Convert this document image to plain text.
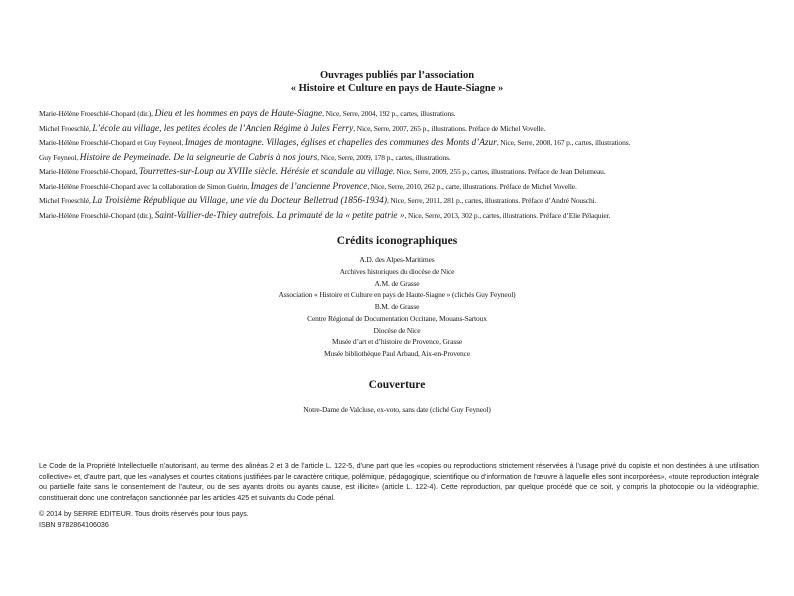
Ouvrages publiés par l’association
« Histoire et Culture en pays de Haute-Siagne »
Marie-Hélène Froeschlé-Chopard (dir.), Dieu et les hommes en pays de Haute-Siagne, Nice, Serre, 2004, 192 p., cartes, illustrations.
Michel Froeschlé, L’école au village, les petites écoles de l’Ancien Régime à Jules Ferry, Nice, Serre, 2007, 265 p., illustrations. Préface de Michel Vovelle.
Marie-Hélène Froeschlé-Chopard et Guy Feyneol, Images de montagne. Villages, églises et chapelles des communes des Monts d’Azur, Nice, Serre, 2008, 167 p., cartes, illustrations.
Guy Feyneol, Histoire de Peymeinade. De la seigneurie de Cabris à nos jours, Nice, Serre, 2009, 178 p., cartes, illustrations.
Marie-Hélène Froeschlé-Chopard, Tourrettes-sur-Loup au XVIIIe siècle. Hérésie et scandale au village, Nice, Serre, 2009, 255 p., cartes, illustrations. Préface de Jean Delumeau.
Marie-Hélène Froeschlé-Chopard avec la collaboration de Simon Guérin, Images de l’ancienne Provence, Nice, Serre, 2010, 262 p., carte, illustrations. Préface de Michel Vovelle.
Michel Froeschlé, La Troisième République au Village, une vie du Docteur Belletrud (1856-1934), Nice, Serre, 2011, 281 p., cartes, illustrations. Préface d’André Nouschi.
Marie-Hélène Froeschlé-Chopard (dir.), Saint-Vallier-de-Thiey autrefois. La primauté de la « petite patrie », Nice, Serre, 2013, 302 p., cartes, illustrations. Préface d’Elie Pélaquier.
Crédits iconographiques
A.D. des Alpes-Maritimes
Archives historiques du diocèse de Nice
A.M. de Grasse
Association « Histoire et Culture en pays de Haute-Siagne » (clichés Guy Feyneol)
B.M. de Grasse
Centre Régional de Documentation Occitane, Mouans-Sartoux
Diocèse de Nice
Musée d’art et d’histoire de Provence, Grasse
Musée bibliothèque Paul Arbaud, Aix-en-Provence
Couverture
Notre-Dame de Valcluse, ex-voto, sans date (cliché Guy Feyneol)

Le Code de la Propriété Intellectuelle n’autorisant, au terme des alinéas 2 et 3 de l’article L. 122-5, d’une part que les «copies ou reproductions strictement réservées à l’usage privé du copiste et non destinées à une utilisation collective» et, d’autre part, que les «analyses et courtes citations justifiées par le caractère critique, polémique, pédagogique, scientifique ou d’information de l’œuvre à laquelle elles sont incorporées», «toute reproduction intégrale ou partielle faite sans le consentement de l’auteur, ou de ses ayants droits ou ayants cause, est illicite» (article L. 122-4). Cette reproduction, par quelque procédé que ce soit, y compris la photocopie ou la vidéographie, constituerait donc une contrefaçon sanctionnée par les articles 425 et suivants du Code pénal.

© 2014 by SERRE EDITEUR. Tous droits réservés pour tous pays.

ISBN 9782864106036
